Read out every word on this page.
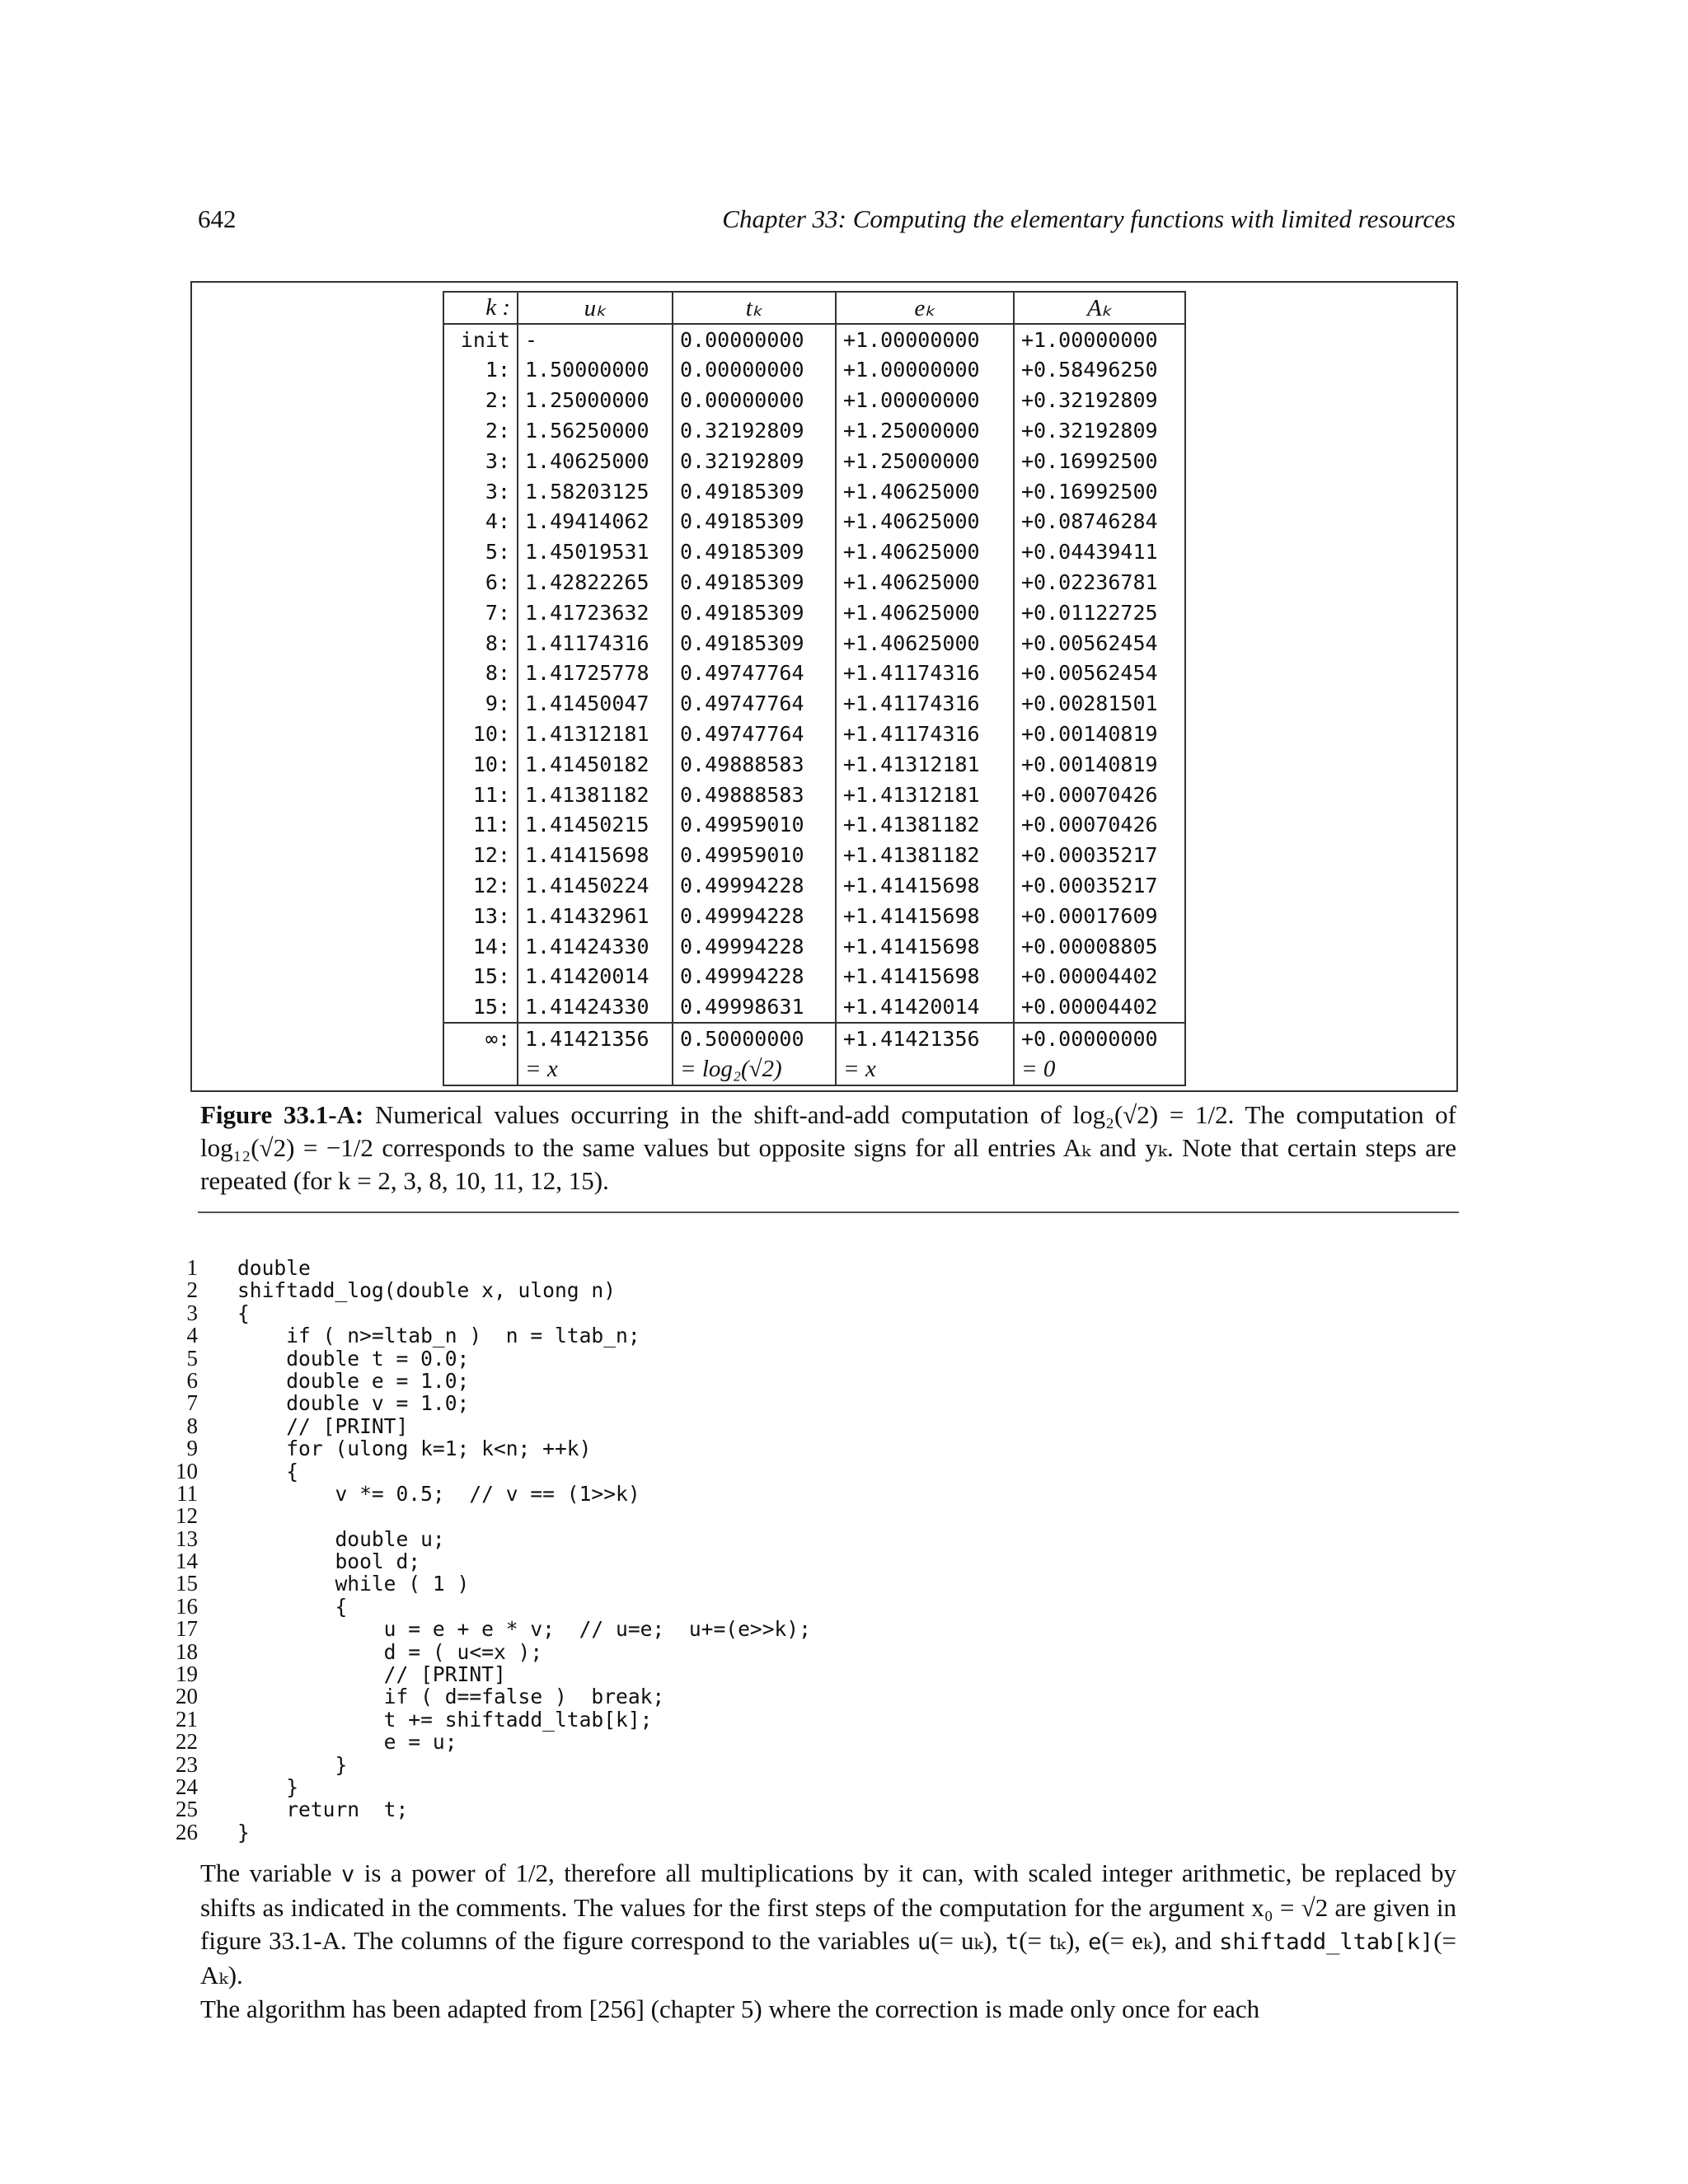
642	Chapter 33: Computing the elementary functions with limited resources
k :	uₖ	tₖ	eₖ	Aₖ
init	-	0.00000000	+1.00000000	+1.00000000
1:	1.50000000	0.00000000	+1.00000000	+0.58496250
2:	1.25000000	0.00000000	+1.00000000	+0.32192809
2:	1.56250000	0.32192809	+1.25000000	+0.32192809
3:	1.40625000	0.32192809	+1.25000000	+0.16992500
3:	1.58203125	0.49185309	+1.40625000	+0.16992500
4:	1.49414062	0.49185309	+1.40625000	+0.08746284
5:	1.45019531	0.49185309	+1.40625000	+0.04439411
6:	1.42822265	0.49185309	+1.40625000	+0.02236781
7:	1.41723632	0.49185309	+1.40625000	+0.01122725
8:	1.41174316	0.49185309	+1.40625000	+0.00562454
8:	1.41725778	0.49747764	+1.41174316	+0.00562454
9:	1.41450047	0.49747764	+1.41174316	+0.00281501
10:	1.41312181	0.49747764	+1.41174316	+0.00140819
10:	1.41450182	0.49888583	+1.41312181	+0.00140819
11:	1.41381182	0.49888583	+1.41312181	+0.00070426
11:	1.41450215	0.49959010	+1.41381182	+0.00070426
12:	1.41415698	0.49959010	+1.41381182	+0.00035217
12:	1.41450224	0.49994228	+1.41415698	+0.00035217
13:	1.41432961	0.49994228	+1.41415698	+0.00017609
14:	1.41424330	0.49994228	+1.41415698	+0.00008805
15:	1.41420014	0.49994228	+1.41415698	+0.00004402
15:	1.41424330	0.49998631	+1.41420014	+0.00004402
∞:	1.41421356	0.50000000	+1.41421356	+0.00000000
	= x	= log₂(√2)	= x	= 0
Figure 33.1-A: Numerical values occurring in the shift-and-add computation of log₂(√2) = 1/2. The computation of log₁₂(√2) = −1/2 corresponds to the same values but opposite signs for all entries Aₖ and yₖ. Note that certain steps are repeated (for k = 2, 3, 8, 10, 11, 12, 15).
1 double
2 shiftadd_log(double x, ulong n)
3 {
4 if ( n>=ltab_n )  n = ltab_n;
5 double t = 0.0;
6 double e = 1.0;
7 double v = 1.0;
8 // [PRINT]
9 for (ulong k=1; k<n; ++k)
10 {
11 v *= 0.5;  // v == (1>>k)
12
13 double u;
14 bool d;
15 while ( 1 )
16 {
17 u = e + e * v;  // u=e;  u+=(e>>k);
18 d = ( u<=x );
19 // [PRINT]
20 if ( d==false )  break;
21 t += shiftadd_ltab[k];
22 e = u;
23 }
24 }
25 return  t;
26 }
The variable v is a power of 1/2, therefore all multiplications by it can, with scaled integer arithmetic, be replaced by shifts as indicated in the comments. The values for the first steps of the computation for the argument x₀ = √2 are given in figure 33.1-A. The columns of the figure correspond to the variables u(= uₖ), t(= tₖ), e(= eₖ), and shiftadd_ltab[k](= Aₖ).
The algorithm has been adapted from [256] (chapter 5) where the correction is made only once for each
